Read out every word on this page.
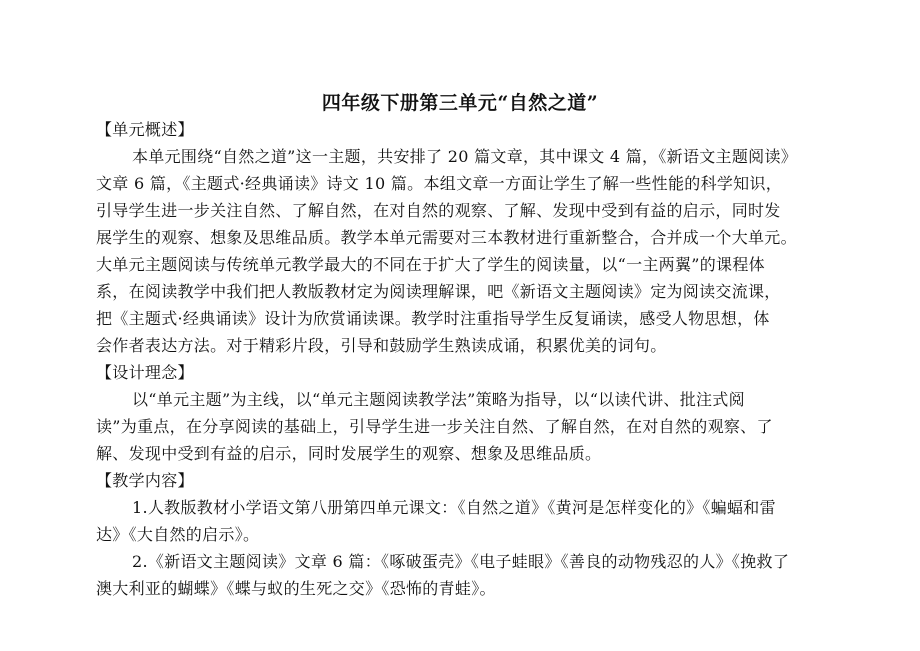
四年级下册第三单元“自然之道”
【单元概述】
本单元围绕“自然之道”这一主题，共安排了 20 篇文章，其中课文 4 篇，《新语文主题阅读》
文章 6 篇，《主题式·经典诵读》诗文 10 篇。本组文章一方面让学生了解一些性能的科学知识，
引导学生进一步关注自然、了解自然，在对自然的观察、了解、发现中受到有益的启示，同时发
展学生的观察、想象及思维品质。教学本单元需要对三本教材进行重新整合，合并成一个大单元。
大单元主题阅读与传统单元教学最大的不同在于扩大了学生的阅读量，以“一主两翼”的课程体
系，在阅读教学中我们把人教版教材定为阅读理解课，吧《新语文主题阅读》定为阅读交流课，
把《主题式·经典诵读》设计为欣赏诵读课。教学时注重指导学生反复诵读，感受人物思想，体
会作者表达方法。对于精彩片段，引导和鼓励学生熟读成诵，积累优美的词句。
【设计理念】
以“单元主题”为主线，以“单元主题阅读教学法”策略为指导，以“以读代讲、批注式阅
读”为重点，在分享阅读的基础上，引导学生进一步关注自然、了解自然，在对自然的观察、了
解、发现中受到有益的启示，同时发展学生的观察、想象及思维品质。
【教学内容】
1.人教版教材小学语文第八册第四单元课文：《自然之道》《黄河是怎样变化的》《蝙蝠和雷
达》《大自然的启示》。
2.《新语文主题阅读》文章 6 篇：《啄破蛋壳》《电子蛙眼》《善良的动物残忍的人》《挽救了
澳大利亚的蝴蝶》《蝶与蚁的生死之交》《恐怖的青蛙》。
